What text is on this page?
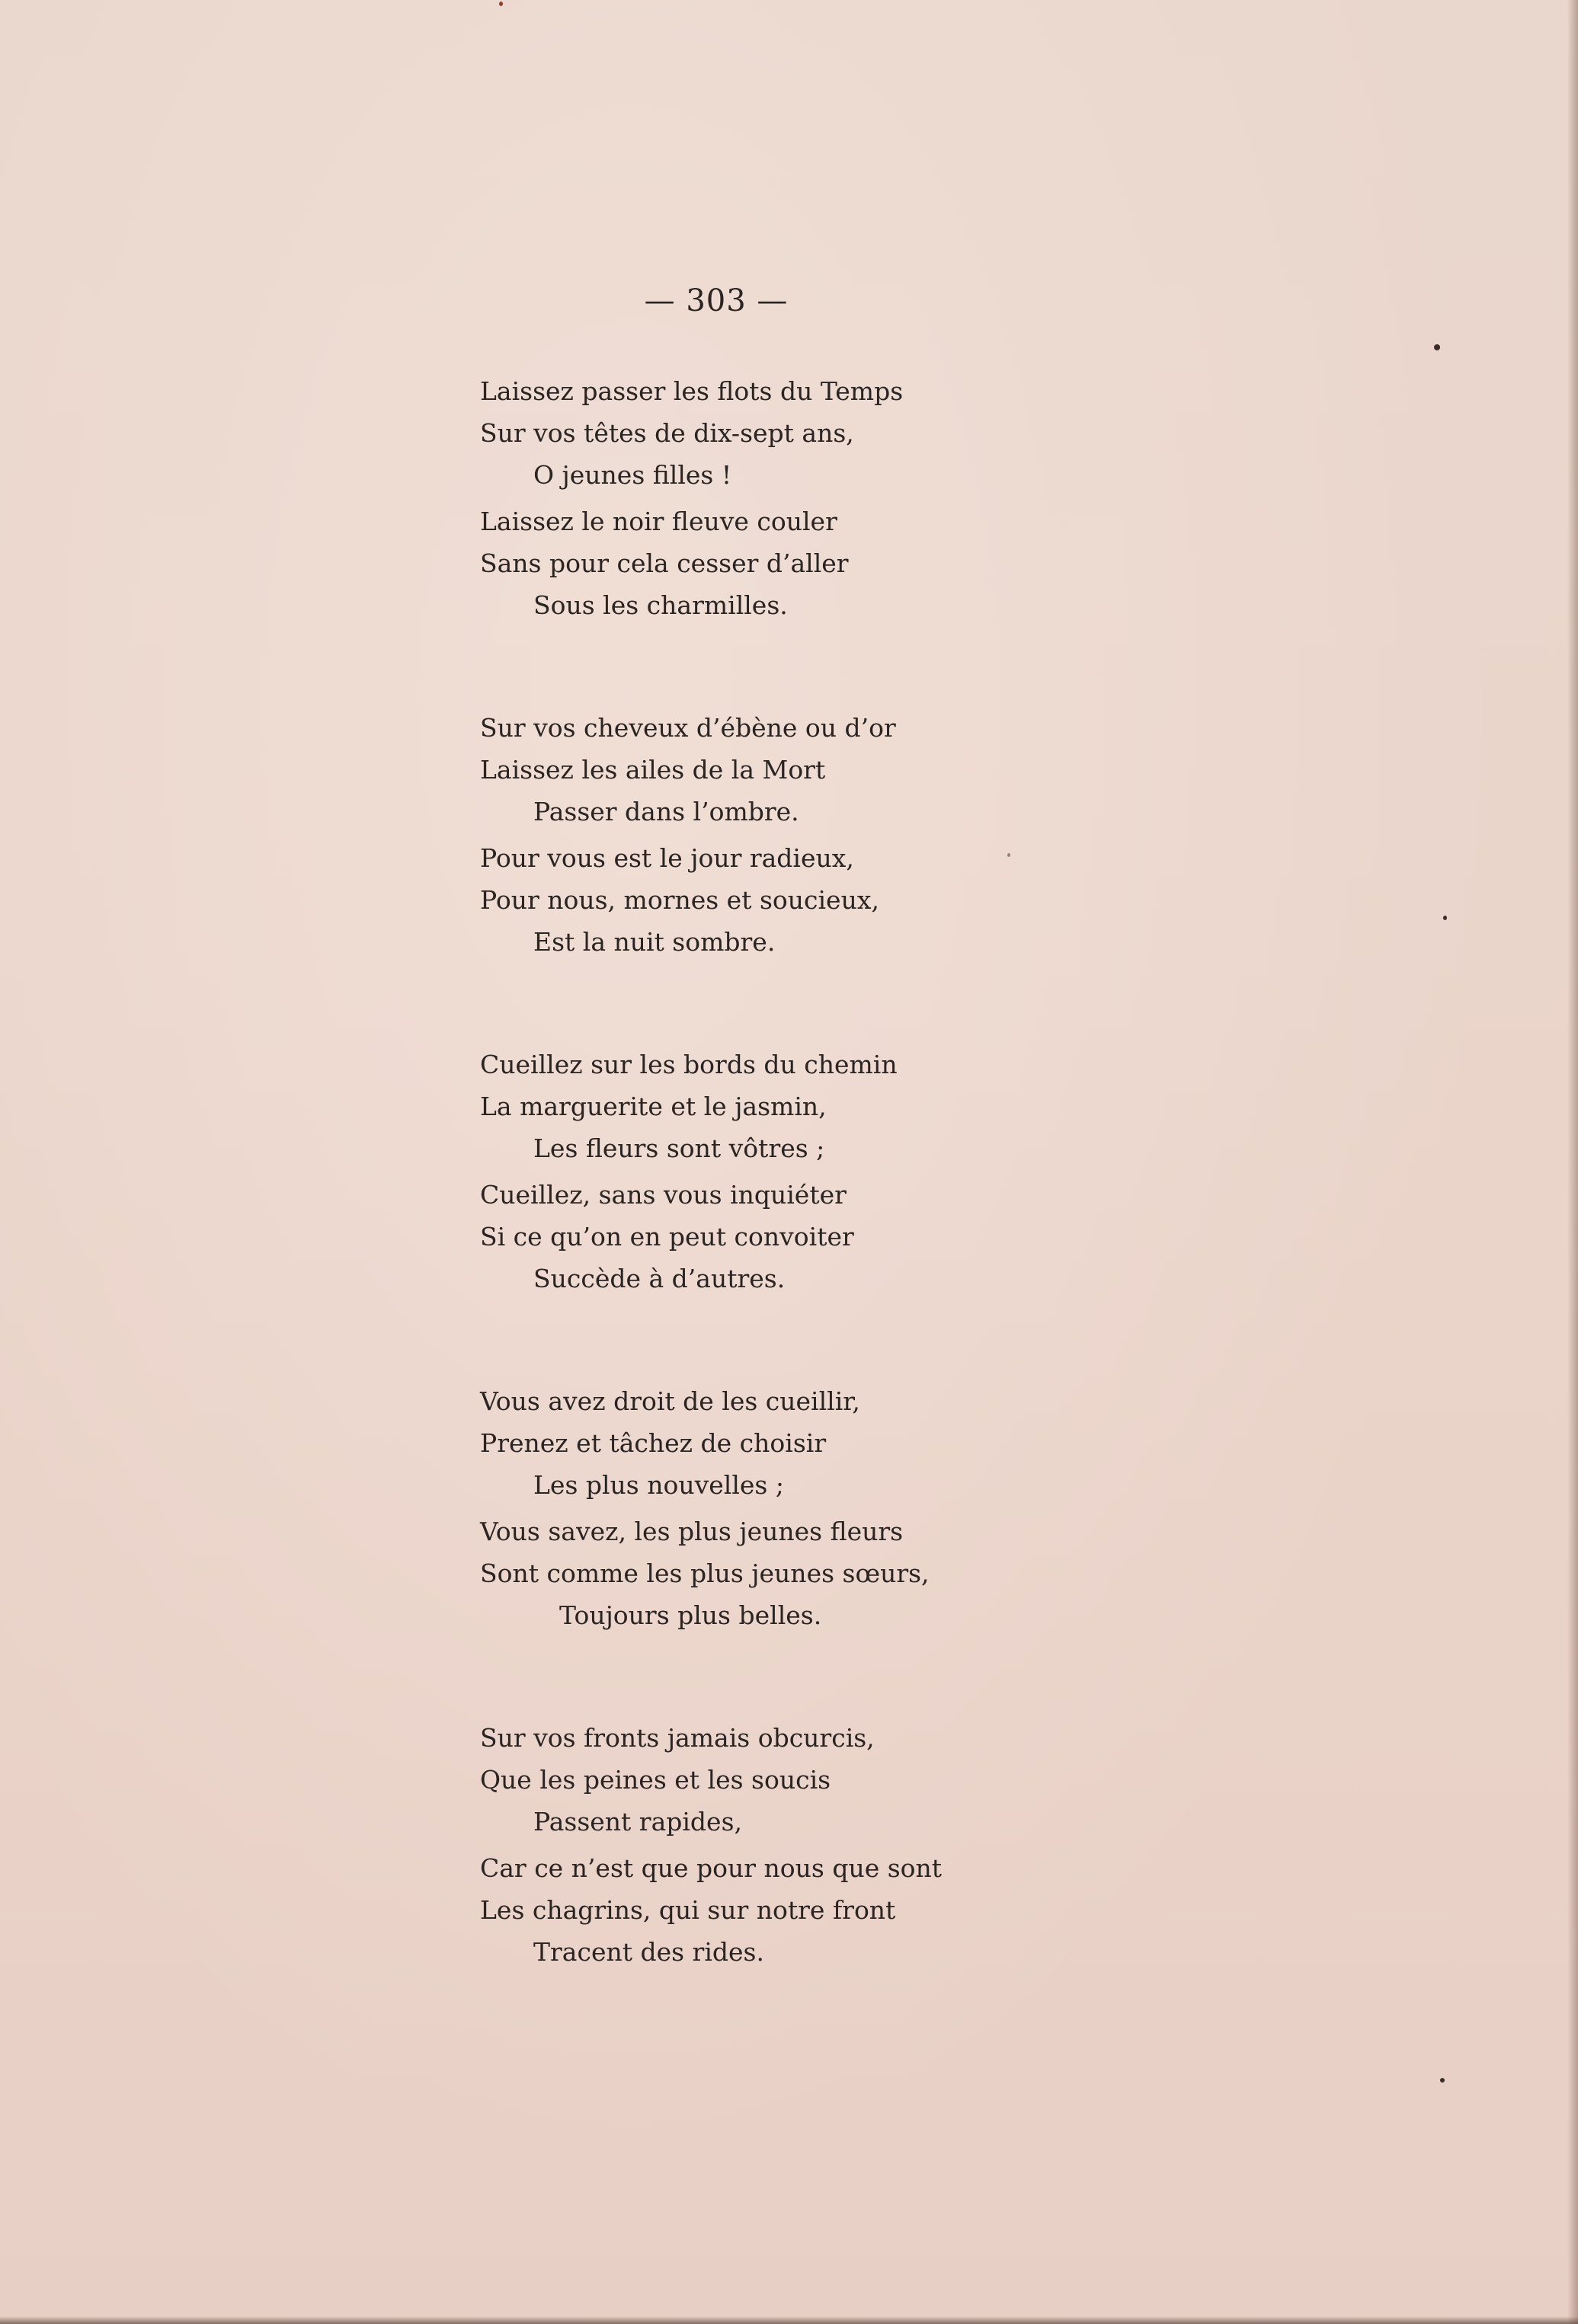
— 303 —
Laissez passer les flots du Temps
Sur vos têtes de dix-sept ans,
O jeunes filles !
Laissez le noir fleuve couler
Sans pour cela cesser d’aller
Sous les charmilles.
Sur vos cheveux d’ébène ou d’or
Laissez les ailes de la Mort
Passer dans l’ombre.
Pour vous est le jour radieux,
Pour nous, mornes et soucieux,
Est la nuit sombre.
Cueillez sur les bords du chemin
La marguerite et le jasmin,
Les fleurs sont vôtres ;
Cueillez, sans vous inquiéter
Si ce qu’on en peut convoiter
Succède à d’autres.
Vous avez droit de les cueillir,
Prenez et tâchez de choisir
Les plus nouvelles ;
Vous savez, les plus jeunes fleurs
Sont comme les plus jeunes sœurs,
Toujours plus belles.
Sur vos fronts jamais obcurcis,
Que les peines et les soucis
Passent rapides,
Car ce n’est que pour nous que sont
Les chagrins, qui sur notre front
Tracent des rides.
